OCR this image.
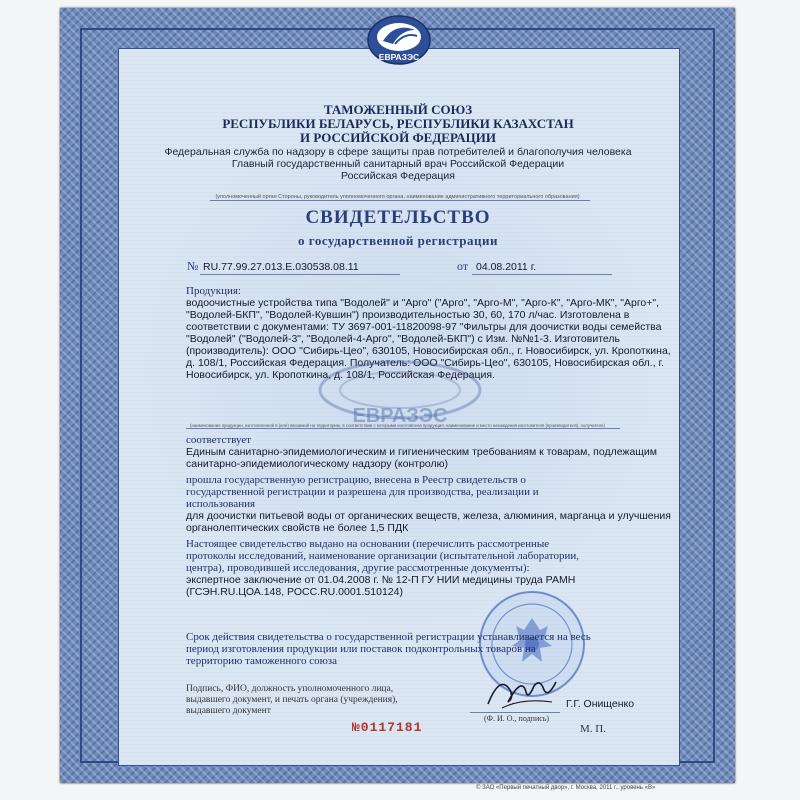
ЕВРАЗЭС
ТАМОЖЕННЫЙ СОЮЗ
РЕСПУБЛИКИ БЕЛАРУСЬ, РЕСПУБЛИКИ КАЗАХСТАН
И РОССИЙСКОЙ ФЕДЕРАЦИИ
Федеральная служба по надзору в сфере защиты прав потребителей и благополучия человека
Главный государственный санитарный врач Российской Федерации
Российская Федерация
(уполномоченный орган Стороны, руководитель уполномоченного органа, наименование административного территориального образования)
СВИДЕТЕЛЬСТВО
о государственной регистрации
№ RU.77.99.27.013.E.030538.08.11	от 04.08.2011 г.
Продукция:
водоочистные устройства типа "Водолей" и "Арго" ("Арго", "Арго-М", "Арго-К", "Арго-МК", "Арго+",
"Водолей-БКП", "Водолей-Кувшин") производительностью 30, 60, 170 л/час. Изготовлена в
соответствии с документами: ТУ 3697-001-11820098-97 "Фильтры для доочистки воды семейства
"Водолей" ("Водолей-3", "Водолей-4-Арго", "Водолей-БКП") с Изм. №№1-3. Изготовитель
(производитель): ООО "Сибирь-Цео", 630105, Новосибирская обл., г. Новосибирск, ул. Кропоткина,
д. 108/1, Российская Федерация. Получатель: ООО "Сибирь-Цео", 630105, Новосибирская обл., г.
Новосибирск, ул. Кропоткина, д. 108/1, Российская Федерация.
ЕВРАЗЭС
(наименование продукции, изготовленной в (или) ввозимой на территорию, в соответствии с которыми изготовлена продукция, наименование и место нахождения изготовителя (производителя), получателя)
соответствует
Единым санитарно-эпидемиологическим и гигиеническим требованиям к товарам, подлежащим
санитарно-эпидемиологическому надзору (контролю)
прошла государственную регистрацию, внесена в Реестр свидетельств о
государственной регистрации и разрешена для производства, реализации и
использования
для доочистки питьевой воды от органических веществ, железа, алюминия, марганца и улучшения
органолептических свойств не более 1,5 ПДК
Настоящее свидетельство выдано на основании (перечислить рассмотренные
протоколы исследований, наименование организации (испытательной лаборатории,
центра), проводившей исследования, другие рассмотренные документы):
экспертное заключение от 01.04.2008 г. № 12-П ГУ НИИ медицины труда РАМН
(ГСЭН.RU.ЦОА.148, РОСС.RU.0001.510124)
Срок действия свидетельства о государственной регистрации устанавливается на весь
период изготовления продукции или поставок подконтрольных товаров на
территорию таможенного союза
Подпись, ФИО, должность уполномоченного лица,
выдавшего документ, и печать органа (учреждения),
выдавшего документ
Г.Г. Онищенко
(Ф. И. О., подпись)
М. П.
№0117181
© ЗАО «Первый печатный двор», г. Москва, 2011 г., уровень «В»
